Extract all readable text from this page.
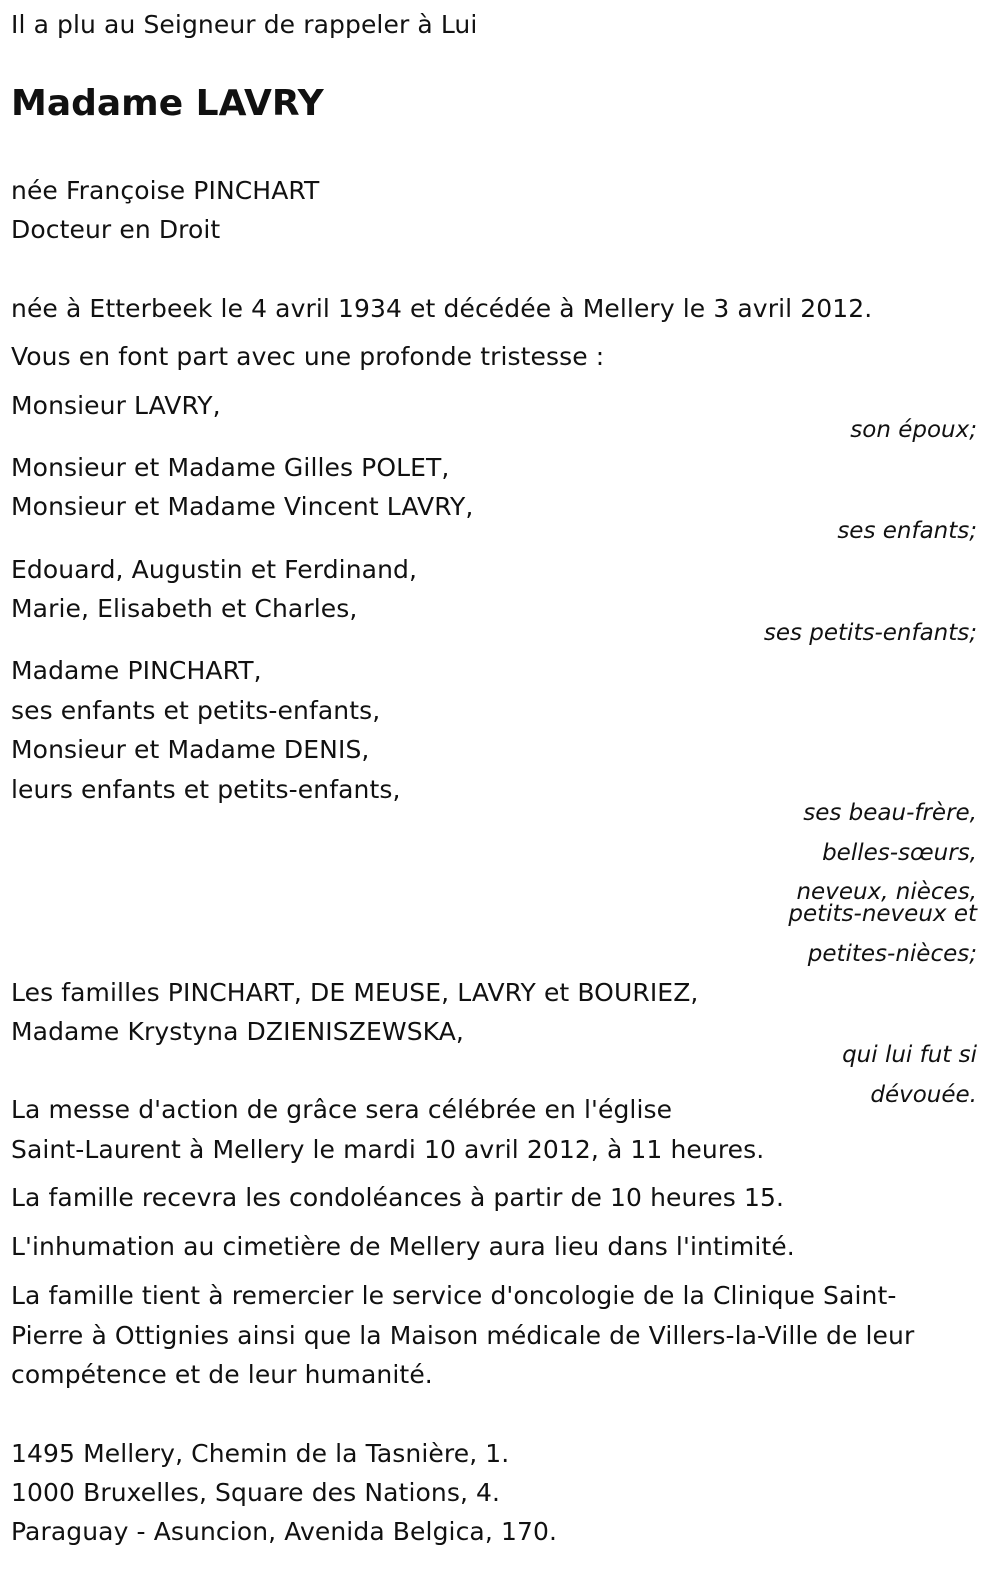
Il a plu au Seigneur de rappeler à Lui
Madame LAVRY
née Françoise PINCHART
Docteur en Droit
née à Etterbeek le 4 avril 1934 et décédée à Mellery le 3 avril 2012.
Vous en font part avec une profonde tristesse :
Monsieur LAVRY,
son époux;
Monsieur et Madame Gilles POLET,
Monsieur et Madame Vincent LAVRY,
ses enfants;
Edouard, Augustin et Ferdinand,
Marie, Elisabeth et Charles,
ses petits-enfants;
Madame PINCHART,
ses enfants et petits-enfants,
Monsieur et Madame DENIS,
leurs enfants et petits-enfants,
ses beau-frère,
belles-sœurs,
neveux, nièces,
petits-neveux et
petites-nièces;
Les familles PINCHART, DE MEUSE, LAVRY et BOURIEZ,
Madame Krystyna DZIENISZEWSKA,
qui lui fut si
dévouée.
La messe d'action de grâce sera célébrée en l'église
Saint-Laurent à Mellery le mardi 10 avril 2012, à 11 heures.
La famille recevra les condoléances à partir de 10 heures 15.
L'inhumation au cimetière de Mellery aura lieu dans l'intimité.
La famille tient à remercier le service d'oncologie de la Clinique Saint-
Pierre à Ottignies ainsi que la Maison médicale de Villers-la-Ville de leur
compétence et de leur humanité.
1495 Mellery, Chemin de la Tasnière, 1.
1000 Bruxelles, Square des Nations, 4.
Paraguay - Asuncion, Avenida Belgica, 170.
